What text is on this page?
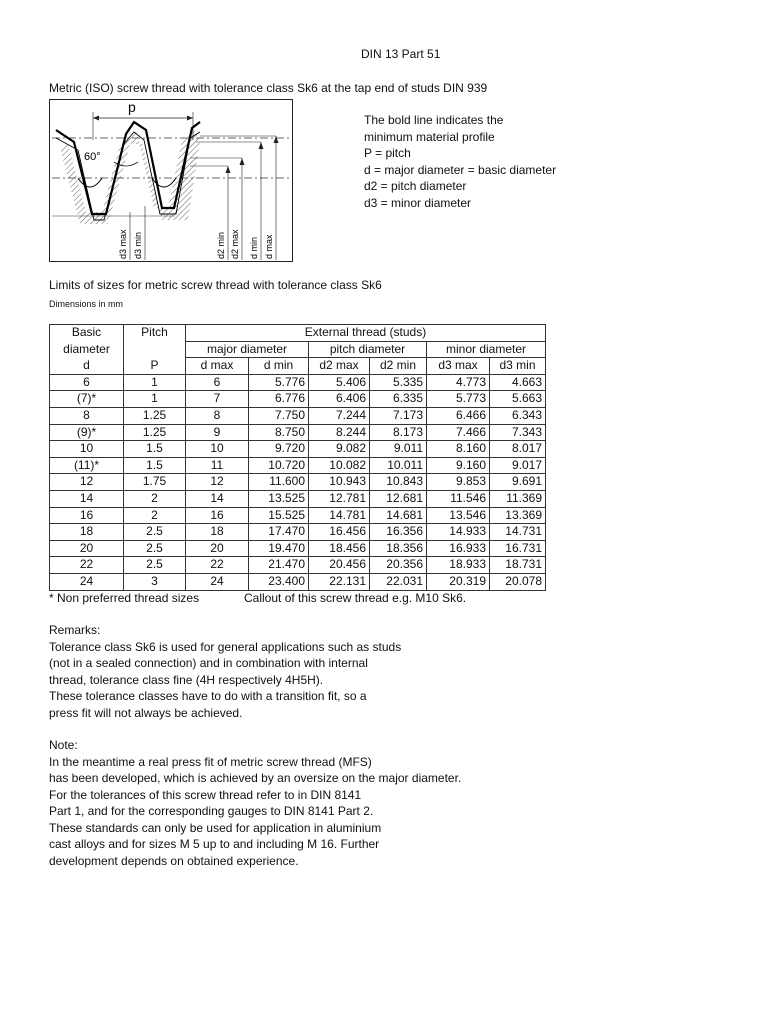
DIN 13 Part 51
Metric (ISO) screw thread with tolerance class Sk6 at the tap end of studs DIN 939
p
60°
d3 max d3 min	d2 min d2 max d min d max
The bold line indicates the
minimum material profile
P = pitch
d = major diameter = basic diameter
d2 = pitch diameter
d3 = minor diameter
Limits of sizes for metric screw thread with tolerance class Sk6
Dimensions in mm
Basic	Pitch	External thread (studs)					
diameter		major diameter		pitch diameter		minor diameter	
d	P	d max	d min	d2 max	d2 min	d3 max	d3 min
6	1	6	5.776	5.406	5.335	4.773	4.663
(7)*	1	7	6.776	6.406	6.335	5.773	5.663
8	1.25	8	7.750	7.244	7.173	6.466	6.343
(9)*	1.25	9	8.750	8.244	8.173	7.466	7.343
10	1.5	10	9.720	9.082	9.011	8.160	8.017
(11)*	1.5	11	10.720	10.082	10.011	9.160	9.017
12	1.75	12	11.600	10.943	10.843	9.853	9.691
14	2	14	13.525	12.781	12.681	11.546	11.369
16	2	16	15.525	14.781	14.681	13.546	13.369
18	2.5	18	17.470	16.456	16.356	14.933	14.731
20	2.5	20	19.470	18.456	18.356	16.933	16.731
22	2.5	22	21.470	20.456	20.356	18.933	18.731
24	3	24	23.400	22.131	22.031	20.319	20.078
* Non preferred thread sizes	Callout of this screw thread e.g. M10 Sk6.
Remarks:
Tolerance class Sk6 is used for general applications such as studs
(not in a sealed connection) and in combination with internal
thread, tolerance class fine (4H respectively 4H5H).
These tolerance classes have to do with a transition fit, so a
press fit will not always be achieved.
Note:
In the meantime a real press fit of metric screw thread (MFS)
has been developed, which is achieved by an oversize on the major diameter.
For the tolerances of this screw thread refer to in DIN 8141
Part 1, and for the corresponding gauges to DIN 8141 Part 2.
These standards can only be used for application in aluminium
cast alloys and for sizes M 5 up to and including M 16. Further
development depends on obtained experience.
